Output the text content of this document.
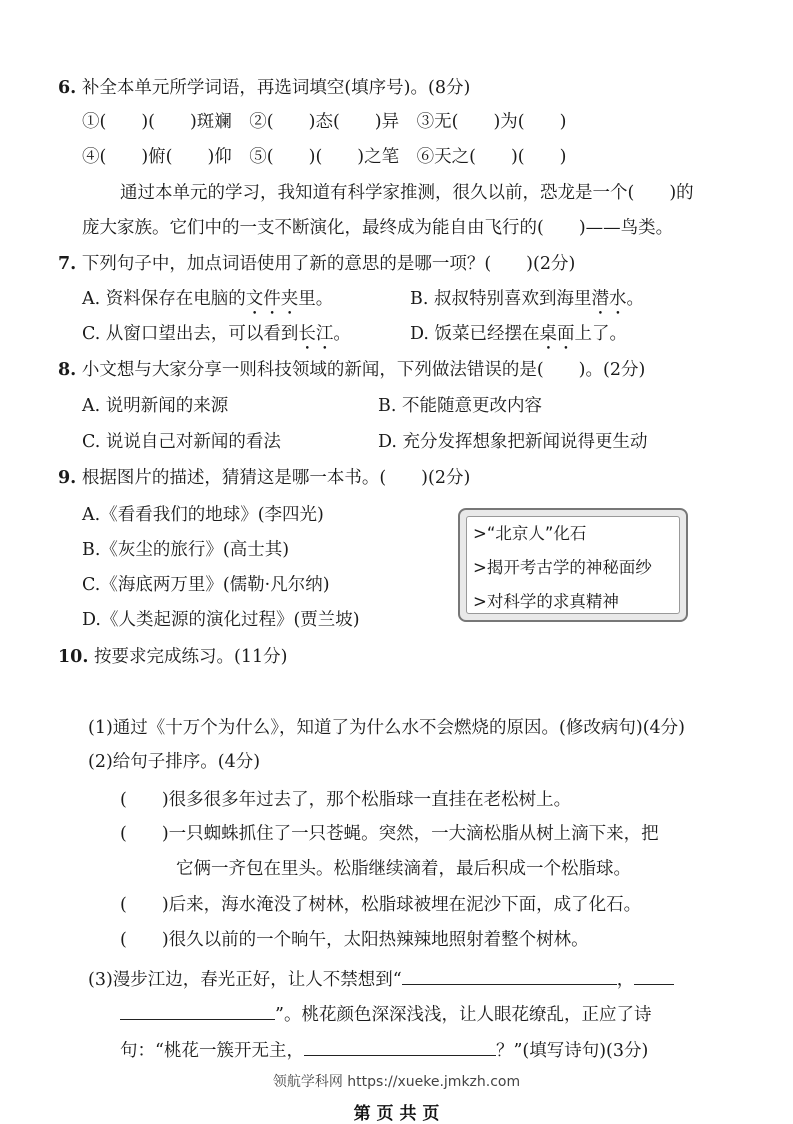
6. 补全本单元所学词语，再选词填空(填序号)。(8分)
①(　　)(　　)斑斓　②(　　)态(　　)异　③无(　　)为(　　)
④(　　)俯(　　)仰　⑤(　　)(　　)之笔　⑥天之(　　)(　　)
通过本单元的学习，我知道有科学家推测，很久以前，恐龙是一个(　　)的
庞大家族。它们中的一支不断演化，最终成为能自由飞行的(　　)——鸟类。
7. 下列句子中，加点词语使用了新的意思的是哪一项？(　　)(2分)
A. 资料保存在电脑的文件夹里。	B. 叔叔特别喜欢到海里潜水。
C. 从窗口望出去，可以看到长江。	D. 饭菜已经摆在桌面上了。
8. 小文想与大家分享一则科技领域的新闻，下列做法错误的是(　　)。(2分)
A. 说明新闻的来源	B. 不能随意更改内容
C. 说说自己对新闻的看法	D. 充分发挥想象把新闻说得更生动
9. 根据图片的描述，猜猜这是哪一本书。(　　)(2分)
A.《看看我们的地球》(李四光)
B.《灰尘的旅行》(高士其)
C.《海底两万里》(儒勒·凡尔纳)
D.《人类起源的演化过程》(贾兰坡)
>“北京人”化石
>揭开考古学的神秘面纱
>对科学的求真精神
10. 按要求完成练习。(11分)
(1)通过《十万个为什么》，知道了为什么水不会燃烧的原因。(修改病句)(4分)
(2)给句子排序。(4分)
(　　)很多很多年过去了，那个松脂球一直挂在老松树上。
(　　)一只蜘蛛抓住了一只苍蝇。突然，一大滴松脂从树上滴下来，把
它俩一齐包在里头。松脂继续滴着，最后积成一个松脂球。
(　　)后来，海水淹没了树林，松脂球被埋在泥沙下面，成了化石。
(　　)很久以前的一个晌午，太阳热辣辣地照射着整个树林。
(3)漫步江边，春光正好，让人不禁想到“	，
”。桃花颜色深深浅浅，让人眼花缭乱，正应了诗
句：“桃花一簇开无主，	？”(填写诗句)(3分)
领航学科网 https://xueke.jmkzh.com
第 页 共 页
